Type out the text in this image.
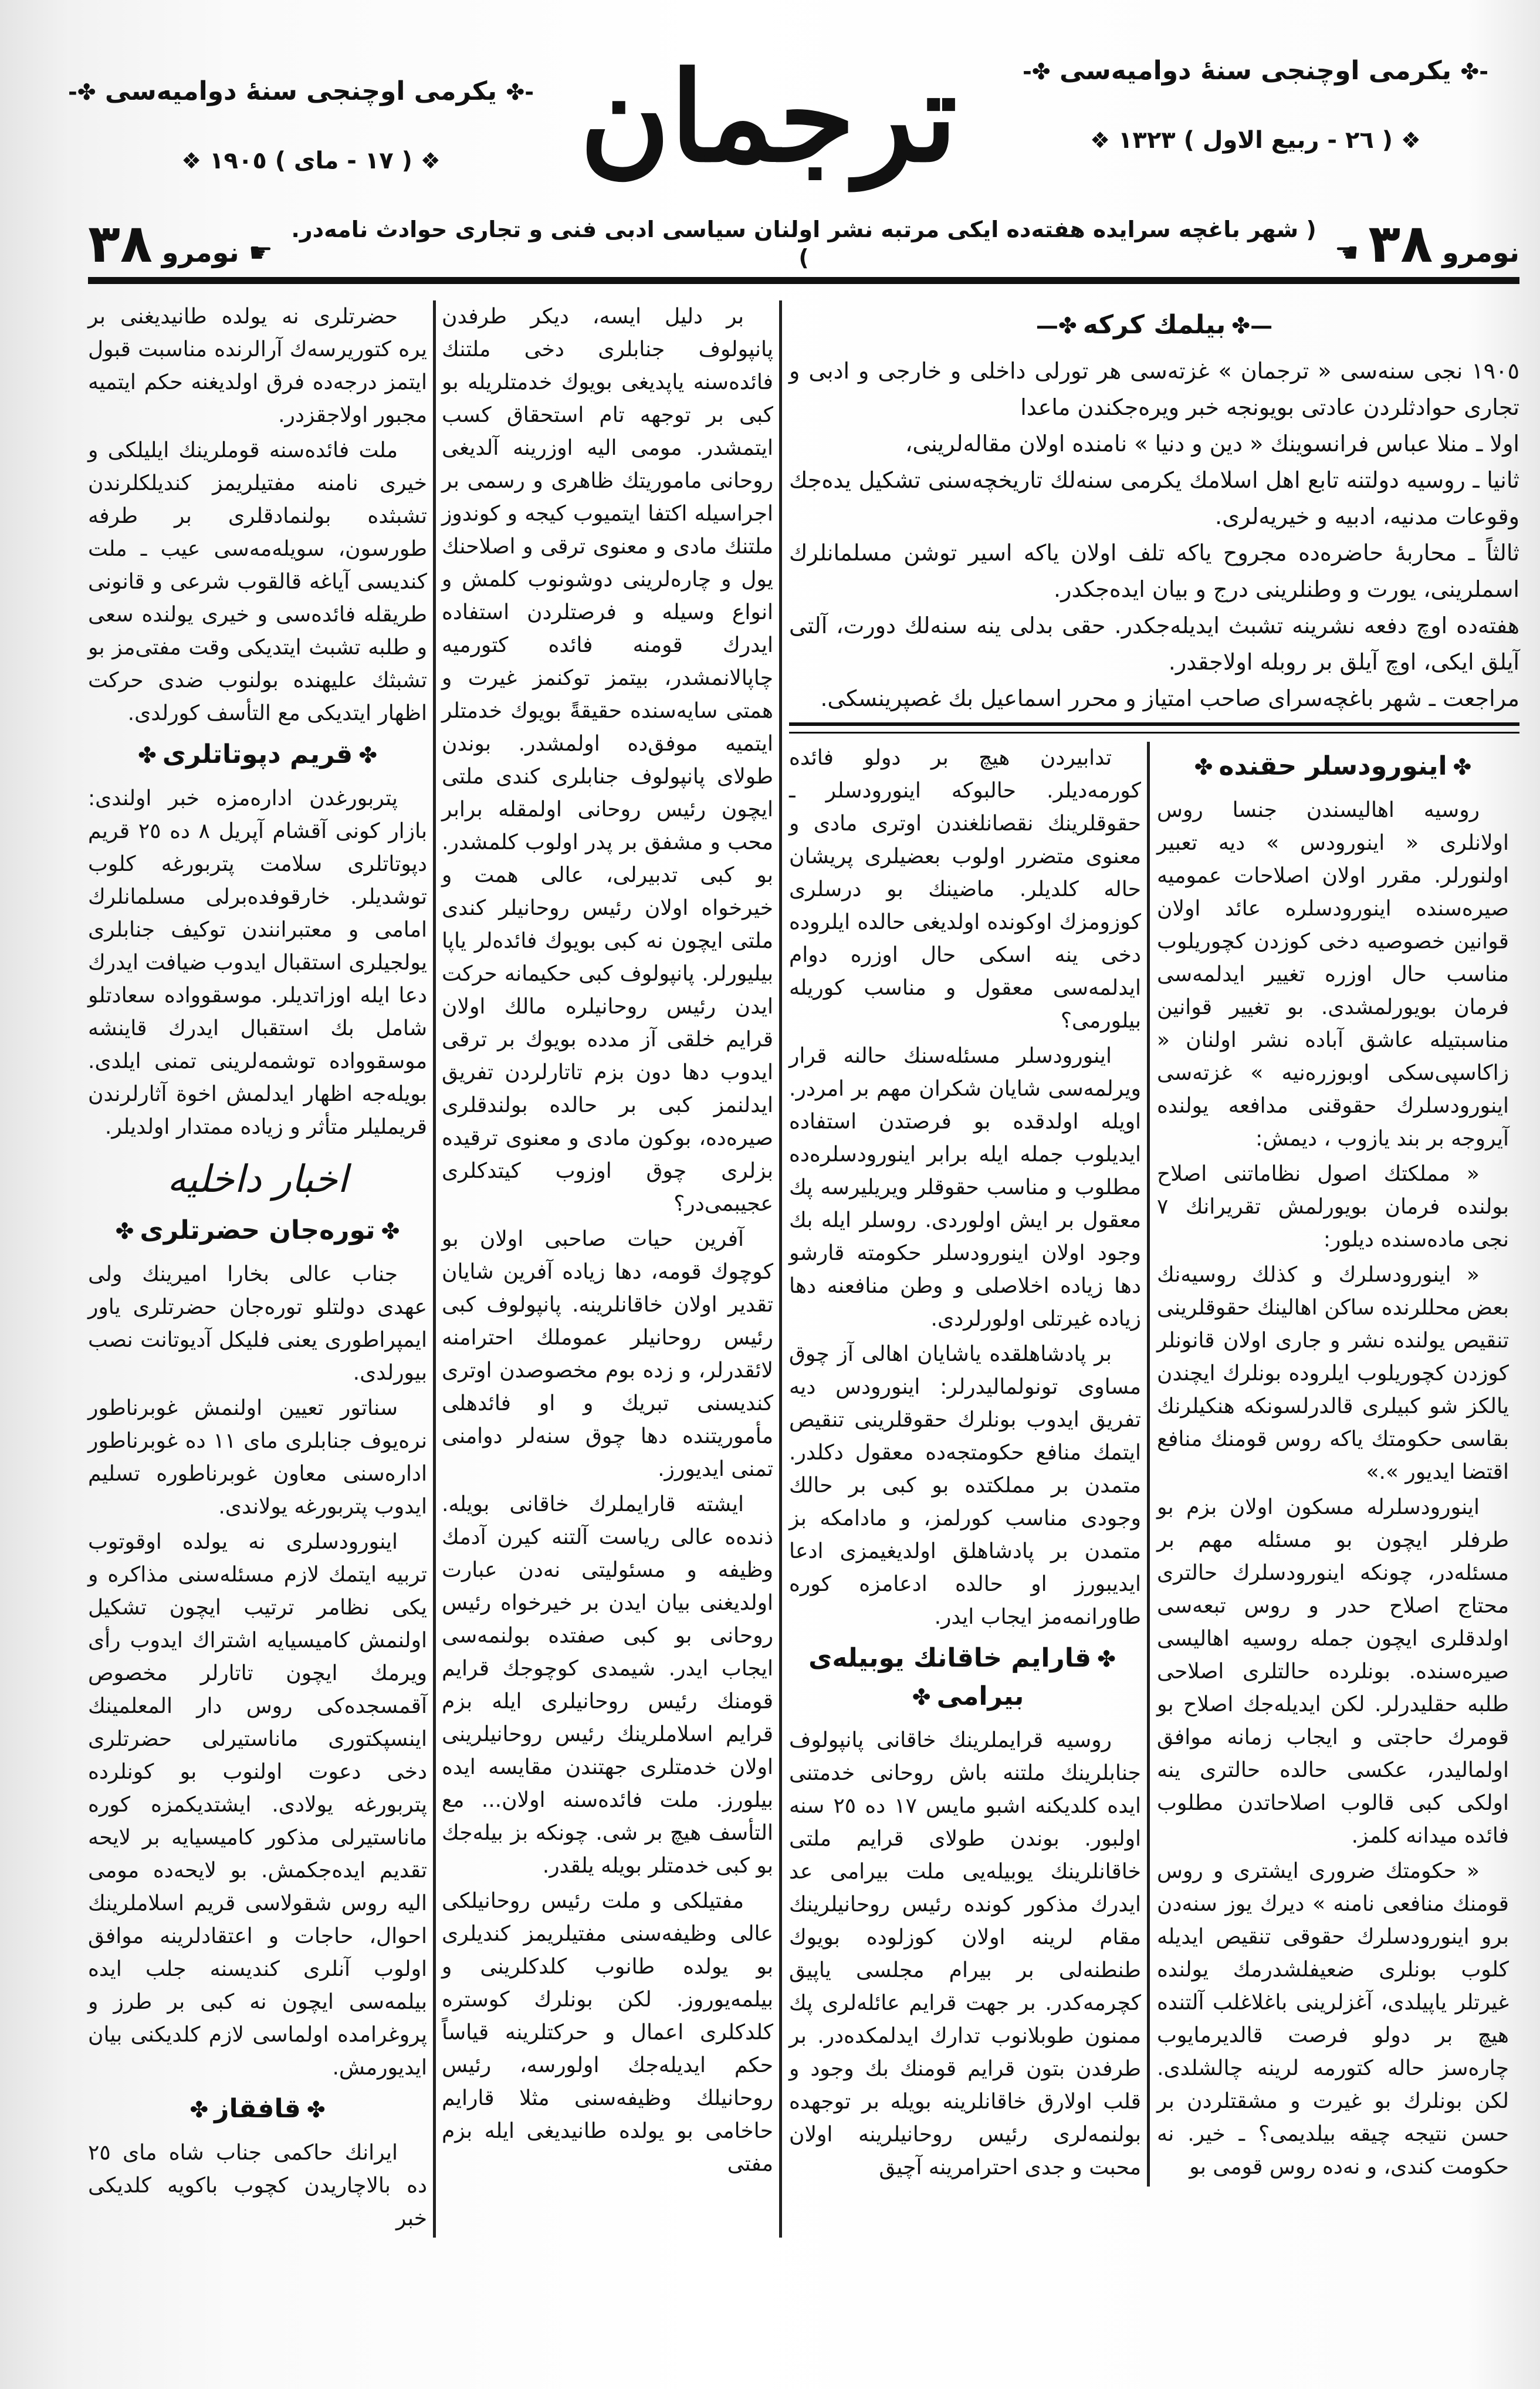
-✤ يكرمی اوچنجی سنهٔ دواميه‌سی ✤-
❖ ( ١٧ - مای ) ١٩٠٥ ❖	ترجمان	-✤ يكرمی اوچنجی سنهٔ دواميه‌سی ✤-
❖ ( ٢٦ - ربيع الاول ) ١٣٢٣ ❖
نومرو ٣٨ ☚
( شهر باغچه سرايده هفته‌ده ايكی مرتبه نشر اولنان سياسی ادبی فنی و تجاری حوادث نامه‌در. )
☛ نومرو ٣٨

حضرتلری نه يولده طانيديغنی بر يره كتوريرسه‌ك آرالرنده مناسبت قبول ايتمز درجه‌ده فرق اولديغنه حكم ايتميه مجبور اولاجقزدر.

ملت فائده‌سنه قوملرينك ايليلكی و خيری نامنه مفتيلريمز كنديلكلرندن تشبثده بولنمادقلری بر طرفه طورسون، سويله‌مه‌سی عيب ـ ملت كنديسی آياغه قالقوب شرعی و قانونی طريقله فائده‌سی و خيری يولنده سعی و طلبه تشبث ايتديكی وقت مفتی‌مز بو تشبثك عليهنده بولنوب ضدی حركت اظهار ايتديكی مع التأسف كورلدی.

✤قريم دپوتاتلری✤

پتربورغدن اداره‌مزه خبر اولندی: بازار كونی آقشام آپريل ٨ ده ٢٥ قريم دپوتاتلری سلامت پتربورغه كلوب توشديلر. خارقوفده‌برلی مسلمانلرك امامی و معتبرانندن توكيف جنابلری يولجيلری استقبال ايدوب ضيافت ايدرك دعا ايله اوزاتديلر. موسقوواده سعادتلو شامل بك استقبال ايدرك قاينشه موسقوواده توشمه‌لرينی تمنی ايلدی. بويله‌جه اظهار ايدلمش اخوة آثارلرندن قريمليلر متأثر و زياده ممتدار اولديلر.

اخبار داخليه
✤توره‌جان حضرتلری✤

جناب عالی بخارا اميرينك ولی عهدی دولتلو توره‌جان حضرتلری ياور ايمپراطوری يعنی فليكل آديوتانت نصب بيورلدی.

سناتور تعيين اولنمش غوبرناطور نره‌يوف جنابلری مای ١١ ده غوبرناطور اداره‌سنی معاون غوبرناطوره تسليم ايدوب پتربورغه يولاندی.

اينورودسلری نه يولده اوقوتوب تربيه ايتمك لازم مسئله‌سنی مذاكره و يكی نظامر ترتيب ايچون تشكيل اولنمش كاميسيايه اشتراك ايدوب رأی ويرمك ايچون تاتارلر مخصوص آقمسجده‌كی روس دار المعلمينك اينسپكتوری ماناستيرلی حضرتلری دخی دعوت اولنوب بو كونلرده پتربورغه يولادی. ايشتديكمزه كوره ماناستيرلی مذكور كاميسيايه بر لايحه تقديم ايده‌جكمش. بو لايحه‌ده مومی اليه روس شقولاسی قريم اسلاملرينك احوال، حاجات و اعتقادلرينه موافق اولوب آنلری كنديسنه جلب ايده بيلمه‌سی ايچون نه كبی بر طرز و پروغرامده اولماسی لازم كلديكنی بيان ايديورمش.

✤قافقاز✤

ايرانك حاكمی جناب شاه مای ٢٥ ده بالاچاريدن كچوب باكويه كلديكی خبر

بر دليل ايسه، ديكر طرفدن پانپولوف جنابلری دخی ملتنك فائده‌سنه ياپديغی بويوك خدمتلريله بو كبی بر توجهه تام استحقاق كسب ايتمشدر. مومی اليه اوزرينه آلديغی روحانی ماموريتك ظاهری و رسمی بر اجراسيله اكتفا ايتميوب كيجه و كوندوز ملتنك مادی و معنوی ترقی و اصلاحنك يول و چاره‌لرينی دوشونوب كلمش و انواع وسيله و فرصتلردن استفاده ايدرك قومنه فائده كتورميه چاپالانمشدر، بيتمز توكنمز غيرت و همتی سايه‌سنده حقيقةً بويوك خدمتلر ايتميه موفق‌ده اولمشدر. بوندن طولای پانپولوف جنابلری كندی ملتی ايچون رئيس روحانی اولمقله برابر محب و مشفق بر پدر اولوب كلمشدر. بو كبی تدبيرلی، عالی همت و خيرخواه اولان رئيس روحانيلر كندی ملتی ايچون نه كبی بويوك فائده‌لر ياپا بيليورلر. پانپولوف كبی حكيمانه حركت ايدن رئيس روحانيلره مالك اولان قرايم خلقی آز مدده بويوك بر ترقی ايدوب دها دون بزم تاتارلردن تفريق ايدلنمز كبی بر حالده بولندقلری صيره‌ده، بوكون مادی و معنوی ترقيده بزلری چوق اوزوب كيتدكلری عجيبمی‌در؟

آفرين حيات صاحبی اولان بو كوچوك قومه، دها زياده آفرين شايان تقدير اولان خاقانلرينه. پانپولوف كبی رئيس روحانيلر عموملك احترامنه لائقدرلر، و زده بوم مخصوصدن اوتری كنديسنی تبريك و او فائدهلی مأموريتنده دها چوق سنه‌لر دوامنی تمنی ايديورز.

ايشته قارايملرك خاقانی بويله. ذنده‌ه عالی رياست آلتنه كيرن آدمك وظيفه و مسئوليتی نه‌دن عبارت اولديغنی بيان ايدن بر خيرخواه رئيس روحانی بو كبی صفتده بولنمه‌سی ايجاب ايدر. شيمدی كوچوجك قرايم قومنك رئيس روحانيلری ايله بزم قرايم اسلاملرينك رئيس روحانيلرينی اولان خدمتلری جهتندن مقايسه ايده بيلورز. ملت فائده‌سنه اولان... مع التأسف هيچ بر شی. چونكه بز بيله‌جك بو كبی خدمتلر بويله يلقدر.

مفتيلكی و ملت رئيس روحانيلكی عالی وظيفه‌سنی مفتيلريمز كنديلری بو يولده طانوب كلدكلرينی و بيلمه‌يوروز. لكن بونلرك كوستره كلدكلری اعمال و حركتلرينه قياساً حكم ايديله‌جك اولورسه، رئيس روحانيلك وظيفه‌سنی مثلا قارايم حاخامی بو يولده طانيديغی ايله بزم مفتی

—✤بيلمك كركه✤—

١٩٠٥ نجی سنه‌سی « ترجمان » غزته‌سی هر تورلی داخلی و خارجی و ادبی و تجاری حوادثلردن عادتی بويونجه خبر ويره‌جكندن ماعدا

اولا ـ منلا عباس فرانسوينك « دين و دنيا » نامنده اولان مقاله‌لرينی،

ثانيا ـ روسيه دولتنه تابع اهل اسلامك يكرمی سنه‌لك تاريخچه‌سنی تشكيل يده‌جك وقوعات مدنيه، ادبيه و خيريه‌لری.

ثالثاً ـ محاربهٔ حاضره‌ده مجروح ياكه تلف اولان ياكه اسير توشن مسلمانلرك اسملرينی، يورت و وطنلرينی درج و بيان ايده‌جكدر.

هفته‌ده اوچ دفعه نشرينه تشبث ايديله‌جكدر. حقی بدلی ينه سنه‌لك دورت، آلتی آيلق ايكی، اوچ آيلق بر روبله اولاجقدر.

مراجعت ـ شهر باغچه‌سرای صاحب امتياز و محرر اسماعيل بك غصپرينسكی.

تدابيردن هيچ بر دولو فائده كورمه‌ديلر. حالبوكه اينورودسلر ـ حقوقلرينك نقصانلغندن اوتری مادی و معنوی متضرر اولوب بعضيلری پريشان حاله كلديلر. ماضينك بو درسلری كوزومزك اوكونده اولديغی حالده ايلروده دخی ينه اسكی حال اوزره دوام ايدلمه‌سی معقول و مناسب كوريله بيلورمی؟

اينورودسلر مسئله‌سنك حالنه قرار ويرلمه‌سی شايان شكران مهم بر امردر. اويله اولدقده بو فرصتدن استفاده ايديلوب جمله ايله برابر اينورودسلره‌ده مطلوب و مناسب حقوقلر ويريليرسه پك معقول بر ايش اولوردی. روسلر ايله بك وجود اولان اينورودسلر حكومته قارشو دها زياده اخلاصلی و وطن منافعنه دها زياده غيرتلی اولورلردی.

بر پادشاهلقده ياشايان اهالی آز چوق مساوی تونولماليدرلر: اينورودس ديه تفريق ايدوب بونلرك حقوقلرينی تنقيص ايتمك منافع حكومتجه‌ده معقول دكلدر. متمدن بر مملكتده بو كبی بر حالك وجودی مناسب كورلمز، و مادامكه بز متمدن بر پادشاهلق اولديغيمزی ادعا ايديبورز او حالده ادعامزه كوره طاورانمه‌مز ايجاب ايدر.

✤قارايم خاقانك يوبيله‌ى بيرامی✤

روسيه قرايملرينك خاقانی پانپولوف جنابلرينك ملتنه باش روحانی خدمتنی ايده كلديكنه اشبو مايس ١٧ ده ٢٥ سنه اولبور. بوندن طولای قرايم ملتی خاقانلرينك يوبيله‌يی ملت بيرامی عد ايدرك مذكور كونده رئيس روحانيلرينك مقام لرينه اولان كوزلوده بويوك طنطنه‌لی بر بيرام مجلسی ياپيق كچرمه‌كدر. بر جهت قرايم عائله‌لری پك ممنون طوبلانوب تدارك ايدلمكده‌در. بر طرفدن بتون قرايم قومنك بك وجود و قلب اولارق خاقانلرينه بويله بر توجهده بولنمه‌لری رئيس روحانيلرينه اولان محبت و جدی احترامرينه آچيق

✤اينورودسلر حقنده✤

روسيه اهاليسندن جنسا روس اولانلری « اينورودس » ديه تعبير اولنورلر. مقرر اولان اصلاحات عموميه صيره‌سنده اينورودسلره عائد اولان قوانين خصوصيه دخی كوزدن كچوريلوب مناسب حال اوزره تغيير ايدلمه‌سی فرمان بويورلمشدی. بو تغيير قوانين مناسبتيله عاشق آباده نشر اولنان « زاكاسپی‌سكی اوبوزره‌نيه » غزته‌سی اينورودسلرك حقوقنی مدافعه يولنده آيروجه بر بند يازوب ، ديمش:

« مملكتك اصول نظاماتنی اصلاح بولنده فرمان بويورلمش تقريرانك ٧ نجی ماده‌سنده ديلور:

« اينورودسلرك و كذلك روسيه‌نك بعض محللرنده ساكن اهالينك حقوقلرينی تنقيص يولنده نشر و جاری اولان قانونلر كوزدن كچوريلوب ايلروده بونلرك ايچندن يالكز شو كبيلری قالدرلسونكه هنكيلرنك بقاسی حكومتك ياكه روس قومنك منافع اقتضا ايديور ».»

اينورودسلرله مسكون اولان بزم بو طرفلر ايچون بو مسئله مهم بر مسئله‌در، چونكه اينورودسلرك حالتری محتاج اصلاح حدر و روس تبعه‌سی اولدقلری ايچون جمله روسيه اهاليسی صيره‌سنده. بونلرده حالتلری اصلاحی طلبه حقليدرلر. لكن ايديله‌جك اصلاح بو قومرك حاجتی و ايجاب زمانه موافق اولماليدر، عكسی حالده حالتری ينه اولكی كبی قالوب اصلاحاتدن مطلوب فائده ميدانه كلمز.

« حكومتك ضروری ايشتری و روس قومنك منافعی نامنه » ديرك يوز سنه‌دن برو اينورودسلرك حقوقی تنقيص ايديله كلوب بونلری ضعيفلشدرمك يولنده غيرتلر ياپيلدی، آغزلرينی باغلاغلب آلتنده هيچ بر دولو فرصت قالديرمايوب چاره‌سز حاله كتورمه لرينه چالشلدی. لكن بونلرك بو غيرت و مشقتلردن بر حسن نتيجه چيقه بيلديمی؟ ـ خير. نه حكومت كندی، و نه‌ده روس قومی بو
